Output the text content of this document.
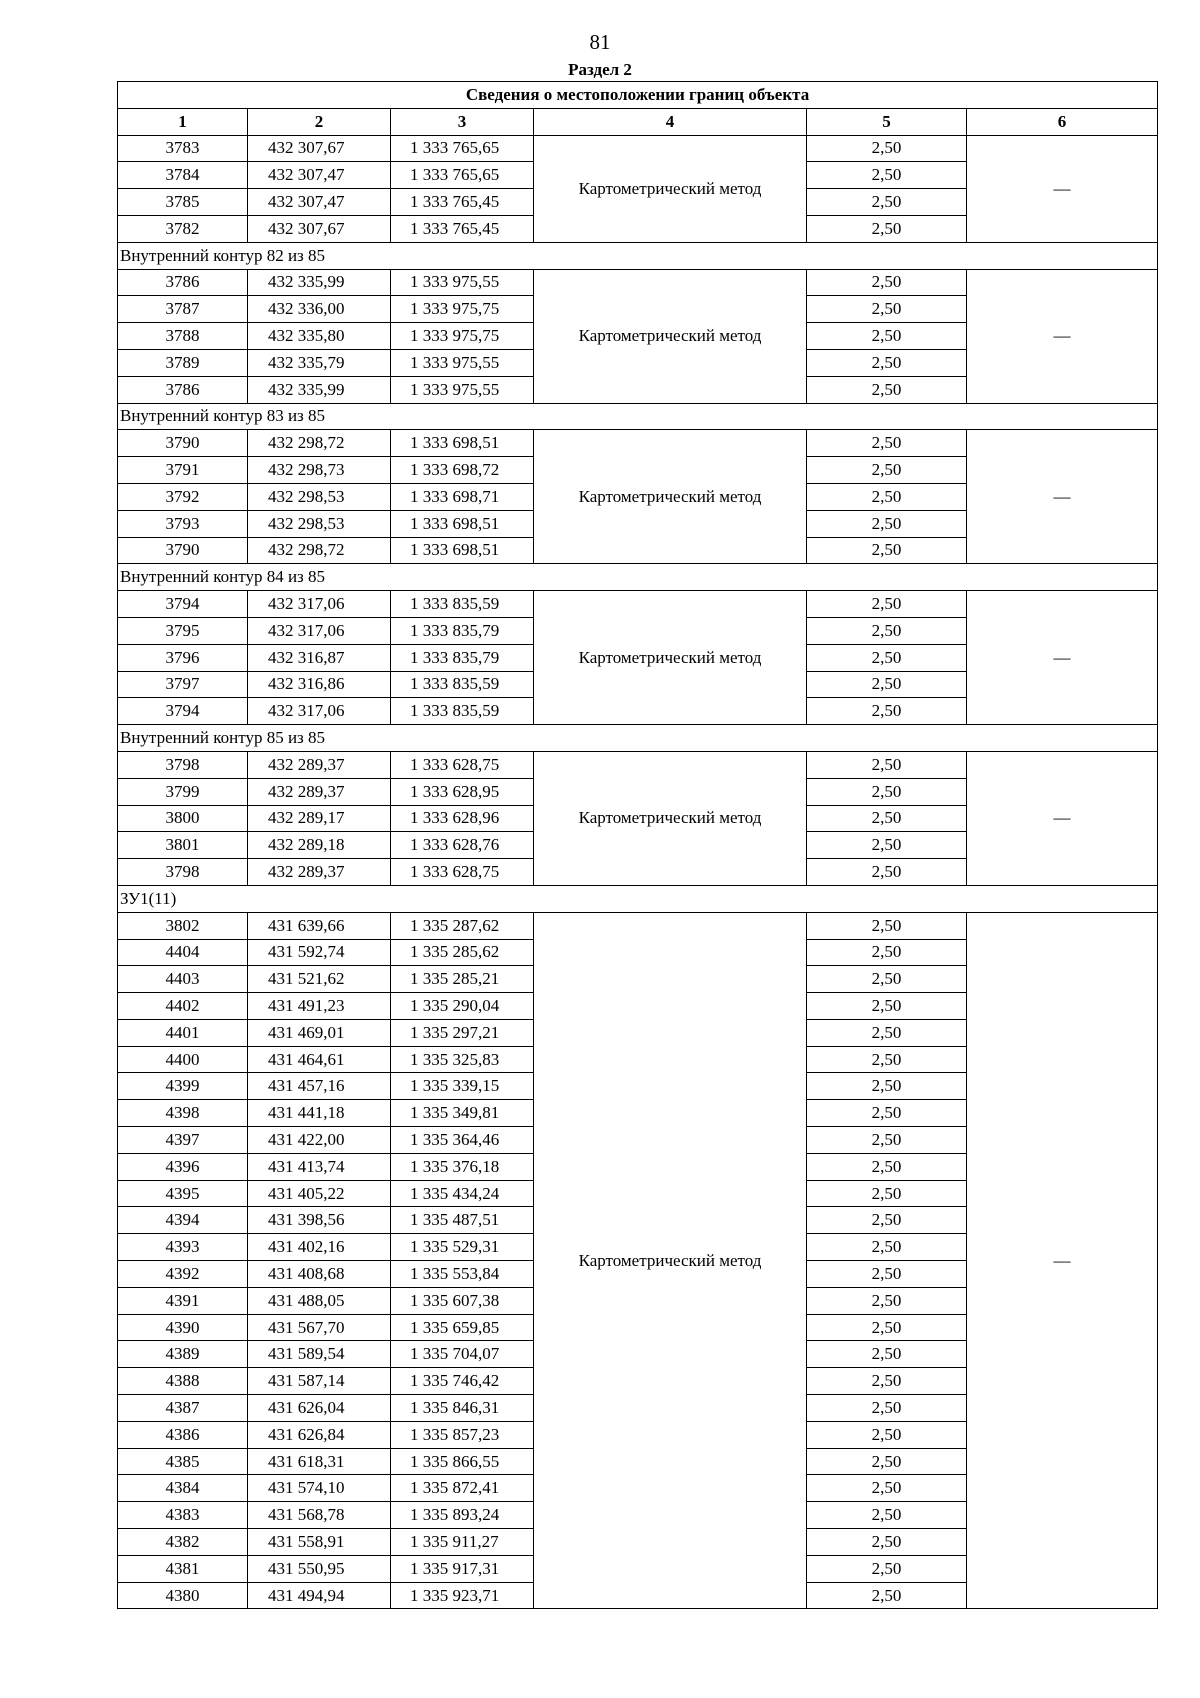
81
Раздел 2
Сведения о местоположении границ объекта					
1	2	3	4	5	6
3783	432 307,67	1 333 765,65	Картометрический метод	2,50	—
3784	432 307,47	1 333 765,65		2,50	
3785	432 307,47	1 333 765,45		2,50	
3782	432 307,67	1 333 765,45		2,50	
Внутренний контур 82 из 85					
3786	432 335,99	1 333 975,55	Картометрический метод	2,50	—
3787	432 336,00	1 333 975,75		2,50	
3788	432 335,80	1 333 975,75		2,50	
3789	432 335,79	1 333 975,55		2,50	
3786	432 335,99	1 333 975,55		2,50	
Внутренний контур 83 из 85					
3790	432 298,72	1 333 698,51	Картометрический метод	2,50	—
3791	432 298,73	1 333 698,72		2,50	
3792	432 298,53	1 333 698,71		2,50	
3793	432 298,53	1 333 698,51		2,50	
3790	432 298,72	1 333 698,51		2,50	
Внутренний контур 84 из 85					
3794	432 317,06	1 333 835,59	Картометрический метод	2,50	—
3795	432 317,06	1 333 835,79		2,50	
3796	432 316,87	1 333 835,79		2,50	
3797	432 316,86	1 333 835,59		2,50	
3794	432 317,06	1 333 835,59		2,50	
Внутренний контур 85 из 85					
3798	432 289,37	1 333 628,75	Картометрический метод	2,50	—
3799	432 289,37	1 333 628,95		2,50	
3800	432 289,17	1 333 628,96		2,50	
3801	432 289,18	1 333 628,76		2,50	
3798	432 289,37	1 333 628,75		2,50	
ЗУ1(11)					
3802	431 639,66	1 335 287,62	Картометрический метод	2,50	—
4404	431 592,74	1 335 285,62		2,50	
4403	431 521,62	1 335 285,21		2,50	
4402	431 491,23	1 335 290,04		2,50	
4401	431 469,01	1 335 297,21		2,50	
4400	431 464,61	1 335 325,83		2,50	
4399	431 457,16	1 335 339,15		2,50	
4398	431 441,18	1 335 349,81		2,50	
4397	431 422,00	1 335 364,46		2,50	
4396	431 413,74	1 335 376,18		2,50	
4395	431 405,22	1 335 434,24		2,50	
4394	431 398,56	1 335 487,51		2,50	
4393	431 402,16	1 335 529,31		2,50	
4392	431 408,68	1 335 553,84		2,50	
4391	431 488,05	1 335 607,38		2,50	
4390	431 567,70	1 335 659,85		2,50	
4389	431 589,54	1 335 704,07		2,50	
4388	431 587,14	1 335 746,42		2,50	
4387	431 626,04	1 335 846,31		2,50	
4386	431 626,84	1 335 857,23		2,50	
4385	431 618,31	1 335 866,55		2,50	
4384	431 574,10	1 335 872,41		2,50	
4383	431 568,78	1 335 893,24		2,50	
4382	431 558,91	1 335 911,27		2,50	
4381	431 550,95	1 335 917,31		2,50	
4380	431 494,94	1 335 923,71		2,50	
